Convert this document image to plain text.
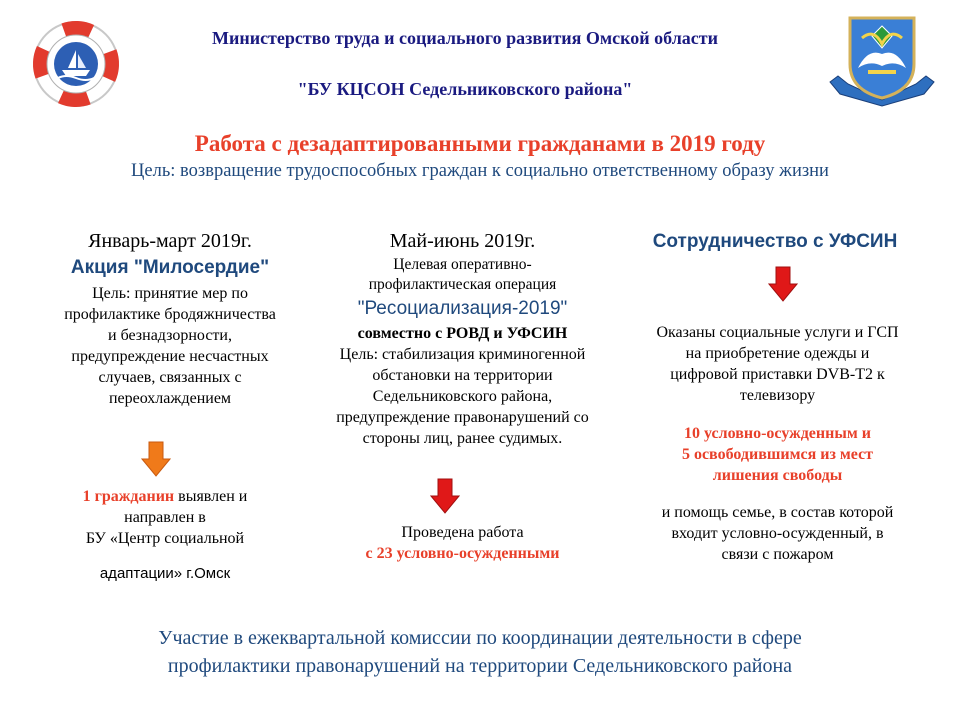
Министерство труда и социального развития Омской области
"БУ КЦСОН Седельниковского района"
Работа с дезадаптированными гражданами в 2019 году
Цель: возвращение трудоспособных граждан к социально ответственному образу жизни
Январь-март 2019г.
Акция "Милосердие"
Цель: принятие мер по
профилактике бродяжничества
и безнадзорности,
предупреждение несчастных
случаев, связанных с
переохлаждением
1 гражданин выявлен и
направлен в
БУ «Центр социальной
адаптации» г.Омск
Май-июнь 2019г.
Целевая оперативно-
профилактическая операция
"Ресоциализация-2019"
совместно с РОВД и УФСИН
Цель: стабилизация криминогенной
обстановки на территории
Седельниковского района,
предупреждение правонарушений со
стороны лиц, ранее судимых.
Проведена работа
с 23 условно-осужденными
Сотрудничество с УФСИН
Оказаны социальные услуги и ГСП
на приобретение одежды и
цифровой приставки DVB-T2 к
телевизору
10 условно-осужденным и
5 освободившимся из мест
лишения свободы
и помощь семье, в состав которой
входит условно-осужденный, в
связи с пожаром
Участие в ежеквартальной комиссии по координации деятельности в сфере
профилактики правонарушений на территории Седельниковского района
